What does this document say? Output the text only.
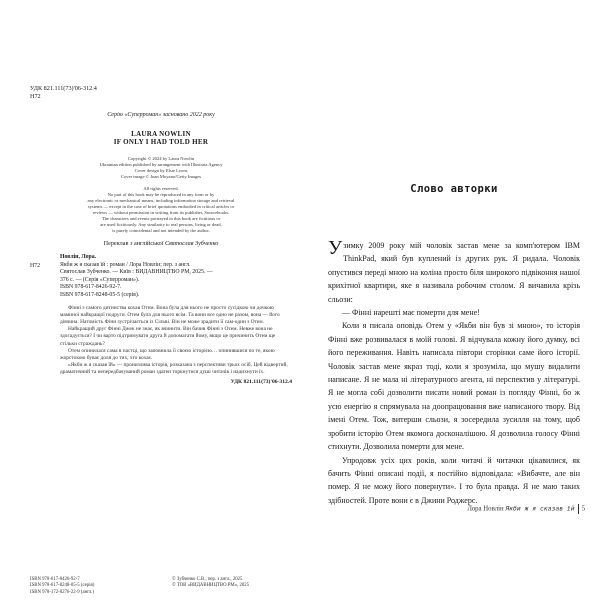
УДК 821.111(73)'06-312.4
Н72
Серію «Суперроман» засновано 2022 року
LAURA NOWLIN
IF ONLY I HAD TOLD HER
Copyright © 2024 by Laura Nowlin
Ukrainian edition published by arrangement with Illustrata Agency
Cover design by Elsie Lyons
Cover image © Juan Moyano/Getty Images
All rights reserved.
No part of this book may be reproduced in any form or by
any electronic or mechanical means, including information storage and retrieval
systems — except in the case of brief quotations embodied in critical articles or
reviews — without permission in writing from its publisher, Sourcebooks.
The characters and events portrayed in this book are fictitious or
are used fictitiously. Any similarity to real persons, living or dead,
is purely coincidental and not intended by the author.
Переклав з англійської Святослав Зубченко
Н72
Новлін, Лора.
Якби ж я сказав їй : роман / Лора Новлін; пер. з англ.
Святослав Зубченко. — Київ : ВИДАВНИЦТВО РМ, 2025. —
376 с. — (Серія «Суперроман»).
ISBN 978-617-8426-92-7.
ISBN 978-617-8248-05-5 (серія).

Фінні з самого дитинства кохав Отем. Вона була для нього не просто сусідкою чи дочкою маминої найкращої подруги. Отем була для нього всім. Та вони все одно не разом, вона — його дівчина. Натомість Фінн зустрічається із Сільві. Він не може зрадити її сам-один з Отем.

Найкращий друг Фінні Джек не знає, як вчинити. Він бачив Фінні з Отем. Невже вона не здогадується? І чи варто підтримувати друга й допомагати йому, якщо це причинить Отем ще стільки страждань?

Отем опинилася сама в пастці, що заповнила її своєю історією… опинившися по те, якою жорстокою буває доля до тих, хто кохає.

«Якби ж я сказав їй» — пронизлива історія, розказана з перспективи трьох осіб. Цей відвертий, драматичний та непередбачуваний роман здатен торкнутися душі читачів і надихнути їх.

УДК 821.111(73)'06-312.4
ISBN 978-617-8426-92-7
ISBN 978-617-8248-05-5 (серія)
ISBN 978-172-8276-22-9 (англ.)
© Зубченко С.В., пер. з англ., 2025
© ТОВ «ВИДАВНИЦТВО РМ», 2025
Слово авторки

Узимку 2009 року мій чоловік застав мене за комп'ютером IBM ThinkPad, який був куплений із других рук. Я ридала. Чоловік опустився переді мною на коліна просто біля широкого підвіконня нашої крихітної квартири, яке я називала робочим столом. Я вичавила крізь сльози:

— Фінні нарешті має померти для мене!

Коли я писала оповідь Отем у «Якби він був зі мною», то історія Фінні вже розвивалася в моїй голові. Я відчувала кожну його думку, всі його переживання. Навіть написала півтори сторінки саме його історії. Чоловік застав мене якраз тоді, коли я зрозуміла, що мушу видалити написане. Я не мала ні літературного агента, ні перспектив у літературі. Я не могла собі дозволити писати новий роман із погляду Фінні, бо ж усю енергію я спрямувала на доопрацювання вже написаного твору. Від імені Отем. Тож, витерши сльози, я зосередила зусилля на тому, щоб зробити історію Отем якомога досконалішою. Я дозволила голосу Фінні стихнути. Дозволила померти для мене.

Упродовж усіх цих років, коли читачі й читачки цікавилися, як бачить Фінні описані події, я постійно відповідала: «Вибачте, але він помер. Я не можу його повернути». І то була правда. Я не маю таких здібностей. Проте вони є в Джини Роджерс.

Лора Новлін Якби ж я сказав їй 5
